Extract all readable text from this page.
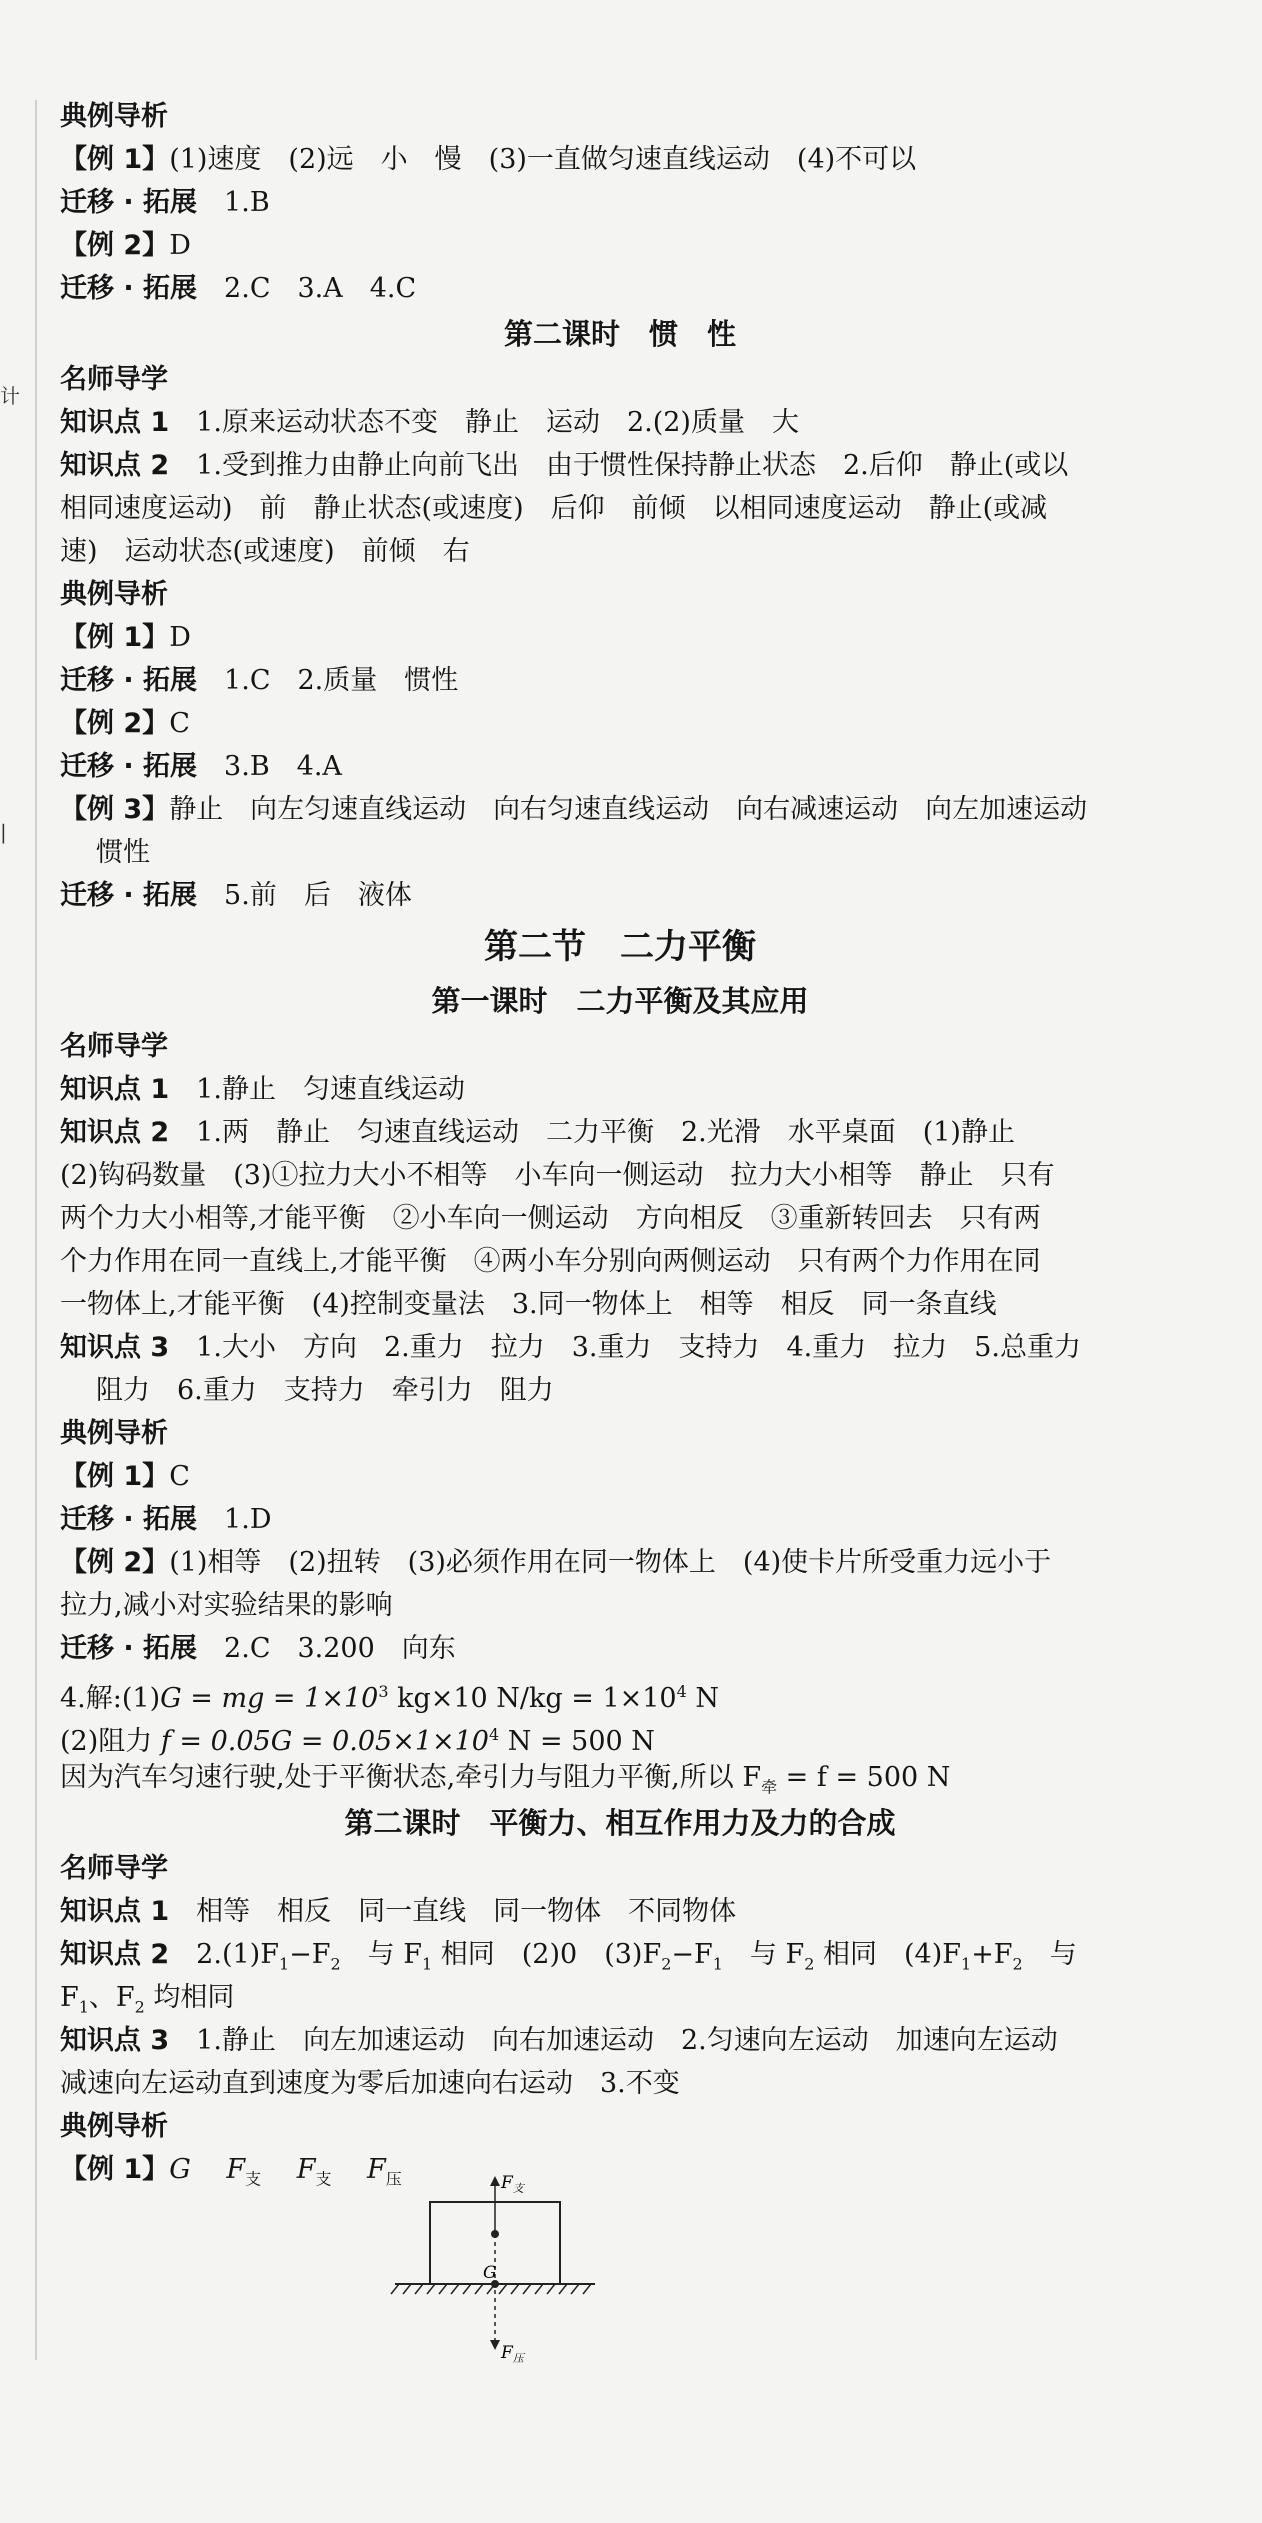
计
|
典例导析
【例 1】(1)速度　(2)远　小　慢　(3)一直做匀速直线运动　(4)不可以
迁移 · 拓展　1.B
【例 2】D
迁移 · 拓展　2.C　3.A　4.C
第二课时　惯　性
名师导学
知识点 1　1.原来运动状态不变　静止　运动　2.(2)质量　大
知识点 2　1.受到推力由静止向前飞出　由于惯性保持静止状态　2.后仰　静止(或以
相同速度运动)　前　静止状态(或速度)　后仰　前倾　以相同速度运动　静止(或减
速)　运动状态(或速度)　前倾　右
典例导析
【例 1】D
迁移 · 拓展　1.C　2.质量　惯性
【例 2】C
迁移 · 拓展　3.B　4.A
【例 3】静止　向左匀速直线运动　向右匀速直线运动　向右减速运动　向左加速运动
惯性
迁移 · 拓展　5.前　后　液体
第二节　二力平衡
第一课时　二力平衡及其应用
名师导学
知识点 1　1.静止　匀速直线运动
知识点 2　1.两　静止　匀速直线运动　二力平衡　2.光滑　水平桌面　(1)静止
(2)钩码数量　(3)①拉力大小不相等　小车向一侧运动　拉力大小相等　静止　只有
两个力大小相等,才能平衡　②小车向一侧运动　方向相反　③重新转回去　只有两
个力作用在同一直线上,才能平衡　④两小车分别向两侧运动　只有两个力作用在同
一物体上,才能平衡　(4)控制变量法　3.同一物体上　相等　相反　同一条直线
知识点 3　1.大小　方向　2.重力　拉力　3.重力　支持力　4.重力　拉力　5.总重力
阻力　6.重力　支持力　牵引力　阻力
典例导析
【例 1】C
迁移 · 拓展　1.D
【例 2】(1)相等　(2)扭转　(3)必须作用在同一物体上　(4)使卡片所受重力远小于
拉力,减小对实验结果的影响
迁移 · 拓展　2.C　3.200　向东
4.解:(1)G = mg = $1\times 10^3$ kg×10 $N/kg = 1\times 10^4$ N
(2)阻力 $f = 0.05G = 0.05\times 1\times 10^4$ N = 500 N
因为汽车匀速行驶,处于平衡状态,牵引力与阻力平衡,所以 $F_牵 = f = 500$ N
第二课时　平衡力、相互作用力及力的合成
名师导学
知识点 1　相等　相反　同一直线　同一物体　不同物体
知识点 2　$2.(1)F_1-F_2$　与 $F_1$ 相同　(2)0　$(3)F_2-F_1$　与 $F_2$ 相同　$(4)F_1+F_2$　与
$F_1$、$F_2$ 均相同
知识点 3　1.静止　向左加速运动　向右加速运动　2.匀速向左运动　加速向左运动
减速向左运动直到速度为零后加速向右运动　3.不变
典例导析
【例 1】G　 $F_支$　 $F_支$　 $F_压$	$F_支$
G
$F_压$
